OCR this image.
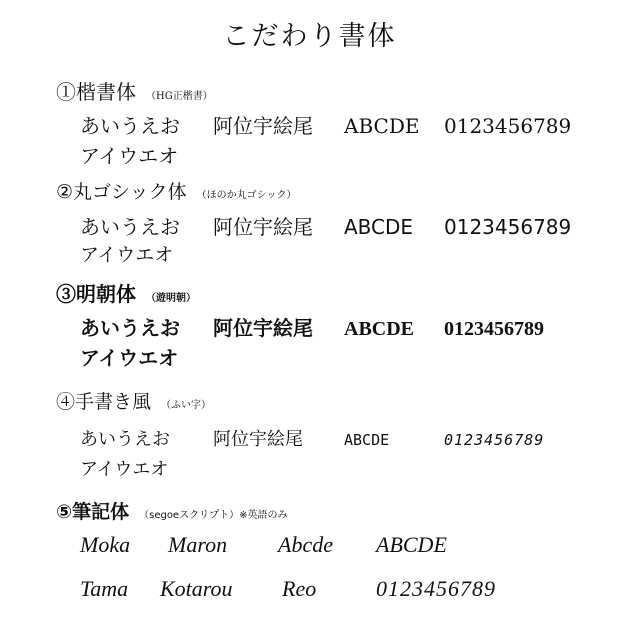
こだわり書体
①楷書体 （HG正楷書）
あいうえお	阿位宇絵尾	ABCDE	0123456789
アイウエオ
②丸ゴシック体 （ほのか丸ゴシック）
あいうえお	阿位宇絵尾	ABCDE	0123456789
アイウエオ
③明朝体 （遊明朝）
あいうえお	阿位宇絵尾	ABCDE	0123456789
アイウエオ
④手書き風 （ふい字）
あいうえお	阿位宇絵尾	ABCDE	0123456789
アイウエオ
⑤筆記体 （segoeスクリプト）※英語のみ
Moka	Maron	Abcde	ABCDE
Tama	Kotarou	Reo	0123456789
